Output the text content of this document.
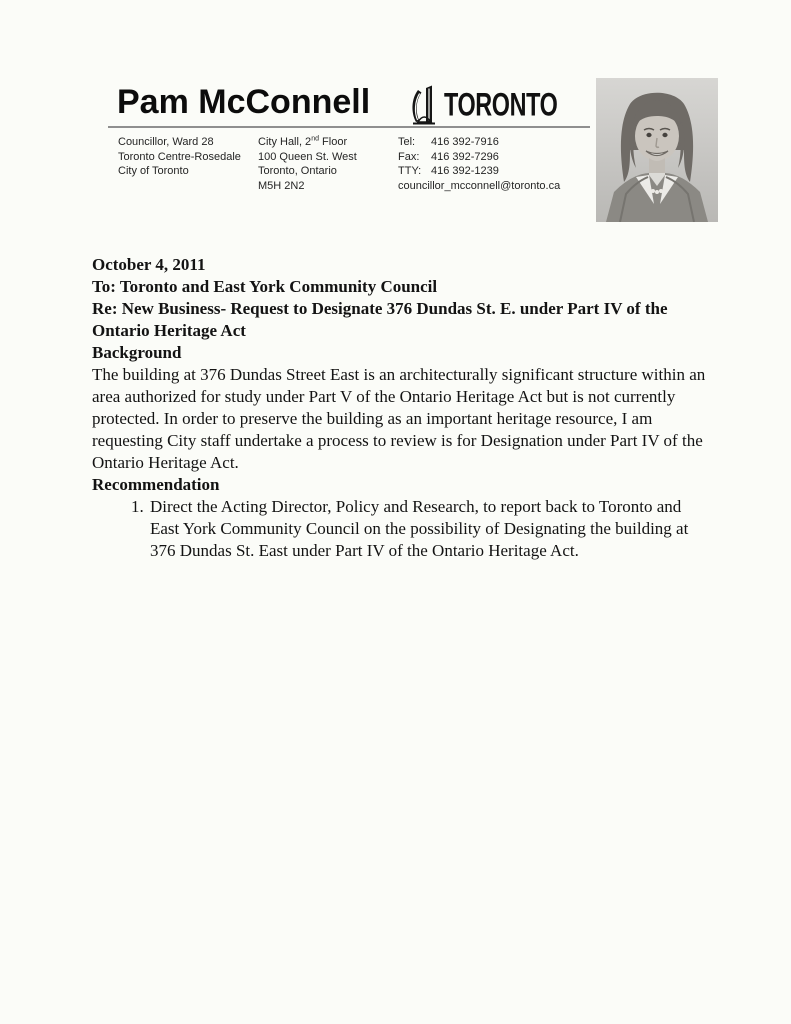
Pam McConnell TORONTO
Councillor, Ward 28
Toronto Centre-Rosedale
City of Toronto
City Hall, 2nd Floor
100 Queen St. West
Toronto, Ontario
M5H 2N2
Tel: 416 392-7916
Fax: 416 392-7296
TTY: 416 392-1239
councillor_mcconnell@toronto.ca

October 4, 2011

To: Toronto and East York Community Council

Re: New Business- Request to Designate 376 Dundas St. E. under Part IV of the Ontario Heritage Act

Background

The building at 376 Dundas Street East is an architecturally significant structure within an area authorized for study under Part V of the Ontario Heritage Act but is not currently protected. In order to preserve the building as an important heritage resource, I am requesting City staff undertake a process to review is for Designation under Part IV of the Ontario Heritage Act.

Recommendation

1. Direct the Acting Director, Policy and Research, to report back to Toronto and East York Community Council on the possibility of Designating the building at 376 Dundas St. East under Part IV of the Ontario Heritage Act.
